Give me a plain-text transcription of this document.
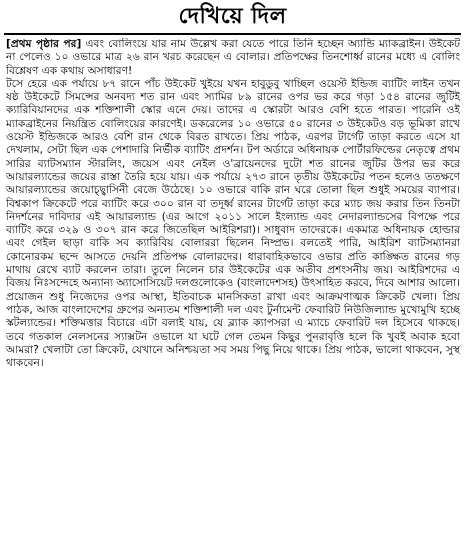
দেখিয়ে দিল

[প্রথম পৃষ্ঠার পর] এবং বোলিংয়ে যার নাম উল্লেখ করা যেতে পারে তিনি হচ্ছেন অ্যান্ডি ম্যাকব্রাইন। উইকেট না পেলেও ১০ ওভারে মাত্র ২৬ রান খরচ করেছেন এ বোলার। প্রতিপক্ষের তিনশোর্ধ্ব রানের মধ্যে এ বোলিং বিশ্লেষণ এক কথায় অসাধারণ!

টসে হেরে এক পর্যায়ে ৮৭ রানে পাঁচ উইকেট খুইয়ে যখন হাবুডুবু খাচ্ছিল ওয়েস্ট ইন্ডিজ ব্যাটিং লাইন তখন ষষ্ঠ উইকেটে সিমন্সের অনবদ্য শত রান এবং স্যামির ৮৯ রানের ওপর ভর করে গড়া ১৫৪ রানের জুটিই ক্যারিবিয়ানদের এক শক্তিশালী স্কোর এনে দেয়। তাদের এ স্কোরটা আরও বেশি হতে পারত। পারেনি ওই ম্যাকব্রাইনের নিয়ন্ত্রিত বোলিংয়ের কারণেই। ডকরেলের ১০ ওভারে ৫০ রানের ৩ উইকেটও বড় ভূমিকা রাখে ওয়েস্ট ইন্ডিজকে আরও বেশি রান থেকে বিরত রাখতে। প্রিয় পাঠক, এরপর টার্গেট তাড়া করতে এসে যা দেখলাম, সেটা ছিল এক পেশাদারি নির্ভীক ব্যাটিং প্রদর্শন। টপ অর্ডারে অধিনায়ক পোর্টারফিল্ডের নেতৃত্বে প্রথম সারির ব্যাটসম্যান স্টারলিং, জয়েস এবং নেইল ও'ব্রায়েনদের দুটো শত রানের জুটির উপর ভর করে আয়ারল্যান্ডের জয়ের রাস্তা তৈরি হয়ে যায়। এক পর্যায়ে ২৭৩ রানে তৃতীয় উইকেটের পতন হলেও ততক্ষণে আয়ারল্যান্ডের জয়োচ্ছ্বাসিনী বেজে উঠেছে। ১০ ওভারে বাকি রান ঘরে তোলা ছিল শুধুই সময়ের ব্যাপার। বিশ্বকাপ ক্রিকেটে পরে ব্যাটিং করে ৩০০ রান বা তদূর্ধ্ব রানের টার্গেট তাড়া করে ম্যাচ জয় করার তিন তিনটা নিদর্শনের দাবিদার এই আয়ারল্যান্ড (এর আগে ২০১১ সালে ইংল্যান্ড এবং নেদারল্যান্ডসের বিপক্ষে পরে ব্যাটিং করে ৩২৯ ও ৩০৭ রান করে জিতেছিল আইরিশরা)। সাধুবাদ তাদেরকে। একমাত্র অধিনায়ক হোল্ডার এবং গেইল ছাড়া বাকি সব ক্যারিবিয় বোলাররা ছিলেন নিষ্প্রভ। বলতেই পারি, আইরিশ ব্যাটসম্যানরা কোনোরকম ছন্দে আসতে দেয়নি প্রতিপক্ষ বোলারদের। ধারাবাহিকভাবে ওভার প্রতি কাঙ্ক্ষিত রানের গড় মাথায় রেখে ব্যাট করলেন তারা। তুলে নিলেন চার উইকেটের এক অতীব প্রশংসনীয় জয়। আইরিশদের এ বিজয় নিঃসন্দেহে অন্যান্য অ্যাসোসিয়েট দলগুলোকেও (বাংলাদেশসহ) উৎসাহিত করবে, দিবে আশার আলো। প্রয়োজন শুধু নিজেদের ওপর আস্থা, ইতিবাচক মানসিকতা রাখা এবং আক্রমণাত্মক ক্রিকেট খেলা। প্রিয় পাঠক, আজ বাংলাদেশের গ্রুপের অন্যতম শক্তিশালী দল এবং টুর্নামেন্ট ফেবারিট নিউজিল্যান্ড মুখোমুখি হচ্ছে স্কটল্যান্ডের। শক্তিমত্তার বিচারে এটা বলাই যায়, যে ব্ল্যাক ক্যাপসরা এ ম্যাচে ফেবারিট দল হিসেবে থাকছে। তবে গতকাল নেলসনের স্যাক্সটন ওভালে যা ঘটে গেল তেমন কিছুর পুনরাবৃত্তি হলে কি খুবই অবাক হবো আমরা? খেলাটা তো ক্রিকেট, যেখানে অনিশ্চয়তা সব সময় পিছু নিয়ে থাকে। প্রিয় পাঠক, ভালো থাকবেন, সুস্থ থাকবেন।
